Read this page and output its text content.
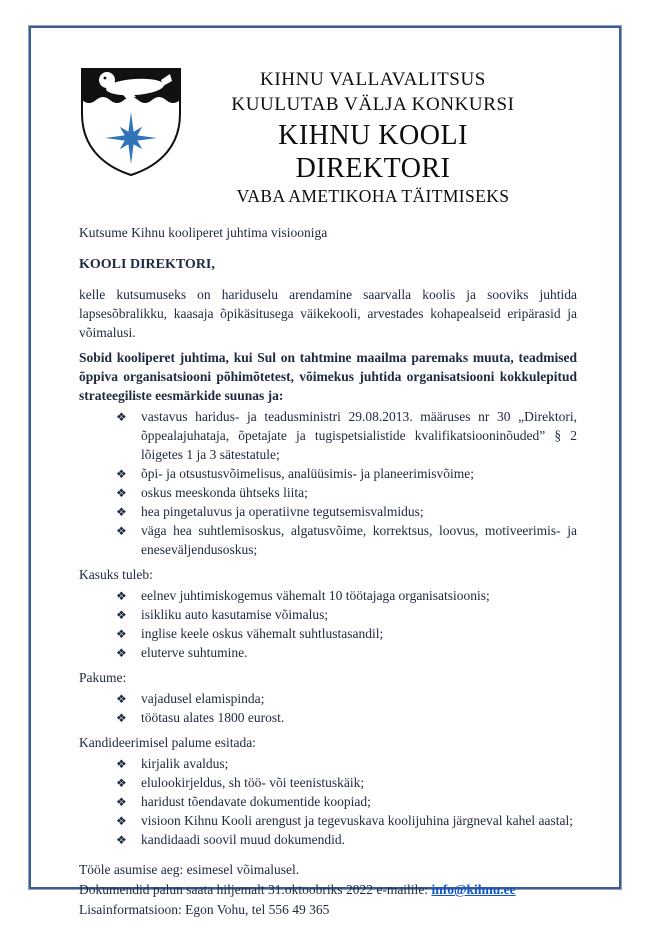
KIHNU VALLAVALITSUS
KUULUTAB VÄLJA KONKURSI
KIHNU KOOLI DIREKTORI
VABA AMETIKOHA TÄITMISEKS

Kutsume Kihnu kooliperet juhtima visiooniga

KOOLI DIREKTORI,

kelle kutsumuseks on hariduselu arendamine saarvalla koolis ja sooviks juhtida lapsesõbralikku, kaasaja õpikäsitusega väikekooli, arvestades kohapealseid eripärasid ja võimalusi.

Sobid kooliperet juhtima, kui Sul on tahtmine maailma paremaks muuta, teadmised õppiva organisatsiooni põhimõtetest, võimekus juhtida organisatsiooni kokkulepitud strateegiliste eesmärkide suunas ja:

❖ vastavus haridus- ja teadusministri 29.08.2013. määruses nr 30 „Direktori, õppealajuhataja, õpetajate ja tugispetsialistide kvalifikatsiooninõuded” § 2 lõigetes 1 ja 3 sätestatule;
❖ õpi- ja otsustusvõimelisus, analüüsimis- ja planeerimisvõime;
❖ oskus meeskonda ühtseks liita;
❖ hea pingetaluvus ja operatiivne tegutsemisvalmidus;
❖ väga hea suhtlemisoskus, algatusvõime, korrektsus, loovus, motiveerimis- ja eneseväljendusoskus;

Kasuks tuleb:

❖ eelnev juhtimiskogemus vähemalt 10 töötajaga organisatsioonis;
❖ isikliku auto kasutamise võimalus;
❖ inglise keele oskus vähemalt suhtlustasandil;
❖ eluterve suhtumine.

Pakume:

❖ vajadusel elamispinda;
❖ töötasu alates 1800 eurost.

Kandideerimisel palume esitada:

❖ kirjalik avaldus;
❖ elulookirjeldus, sh töö- või teenistuskäik;
❖ haridust tõendavate dokumentide koopiad;
❖ visioon Kihnu Kooli arengust ja tegevuskava koolijuhina järgneval kahel aastal;
❖ kandidaadi soovil muud dokumendid.

Tööle asumise aeg: esimesel võimalusel.

Dokumendid palun saata hiljemalt 31.oktoobriks 2022 e-mailile: info@kihnu.ee

Lisainformatsioon: Egon Vohu, tel 556 49 365
